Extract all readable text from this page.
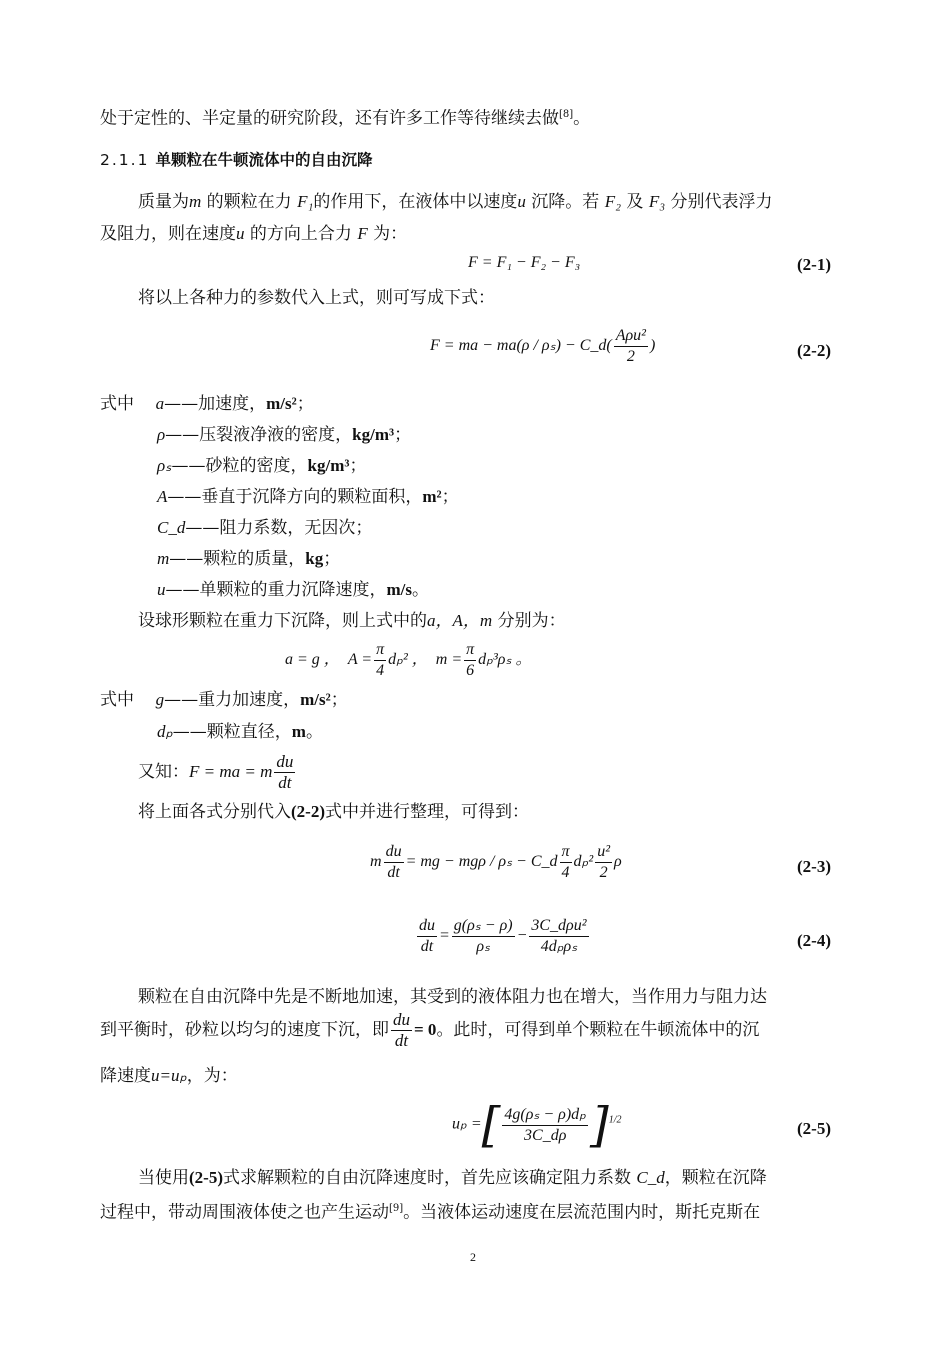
处于定性的、半定量的研究阶段，还有许多工作等待继续去做[8]。
2.1.1 单颗粒在牛顿流体中的自由沉降
质量为m 的颗粒在力 F₁的作用下，在液体中以速度u 沉降。若 F₂ 及 F₃ 分别代表浮力
及阻力，则在速度u 的方向上合力 F 为：
F = F₁ − F₂ − F₃	(2-1)
将以上各种力的参数代入上式，则可写成下式：
F = ma − ma(ρ / ρₛ) − C_d( $\frac{\text{Aρu²}}{2}$ )	(2-2)
式中 a——加速度，m/s²；
ρ——压裂液净液的密度，kg/m³；
ρₛ——砂粒的密度，kg/m³；
A——垂直于沉降方向的颗粒面积，m²；
C_d——阻力系数，无因次；
m——颗粒的质量，kg；
u——单颗粒的重力沉降速度，m/s。
设球形颗粒在重力下沉降，则上式中的a，A，m 分别为：
a = g ， $A = \frac{\pi}{4} d_p^2$ ， $m = \frac{\pi}{6} d_p^3\rho_s$ 。
式中 g——重力加速度，m/s²；
dₚ——颗粒直径，m。
又知：F = ma = m $\frac{du}{dt}$
将上面各式分别代入(2-2)式中并进行整理，可得到：
m $\frac{du}{dt}$ = mg − mgρ / ρₛ − C_d $\frac{\pi}{4} d_p^2 \frac{\text{u²}}{2}$ ρ	(2-3)
$\frac{du}{dt} = \frac{\text{g(ρₛ − ρ)}}{\text{ρₛ}} - \frac{\text{3C\_dρu²}}{\text{4dₚρₛ}}$	(2-4)
颗粒在自由沉降中先是不断地加速，其受到的液体阻力也在增大，当作用力与阻力达
到平衡时，砂粒以均匀的速度下沉，即 $\frac{du}{dt} = 0$。此时，可得到单个颗粒在牛顿流体中的沉
降速度u=uₚ，为：
uₚ =[ $\frac{\text{4g(ρₛ − ρ)dₚ}}{3C\_d\rho} ]^{1/2}$	(2-5)
当使用(2-5)式求解颗粒的自由沉降速度时，首先应该确定阻力系数 C_d，颗粒在沉降
过程中，带动周围液体使之也产生运动[9]。当液体运动速度在层流范围内时，斯托克斯在
2
